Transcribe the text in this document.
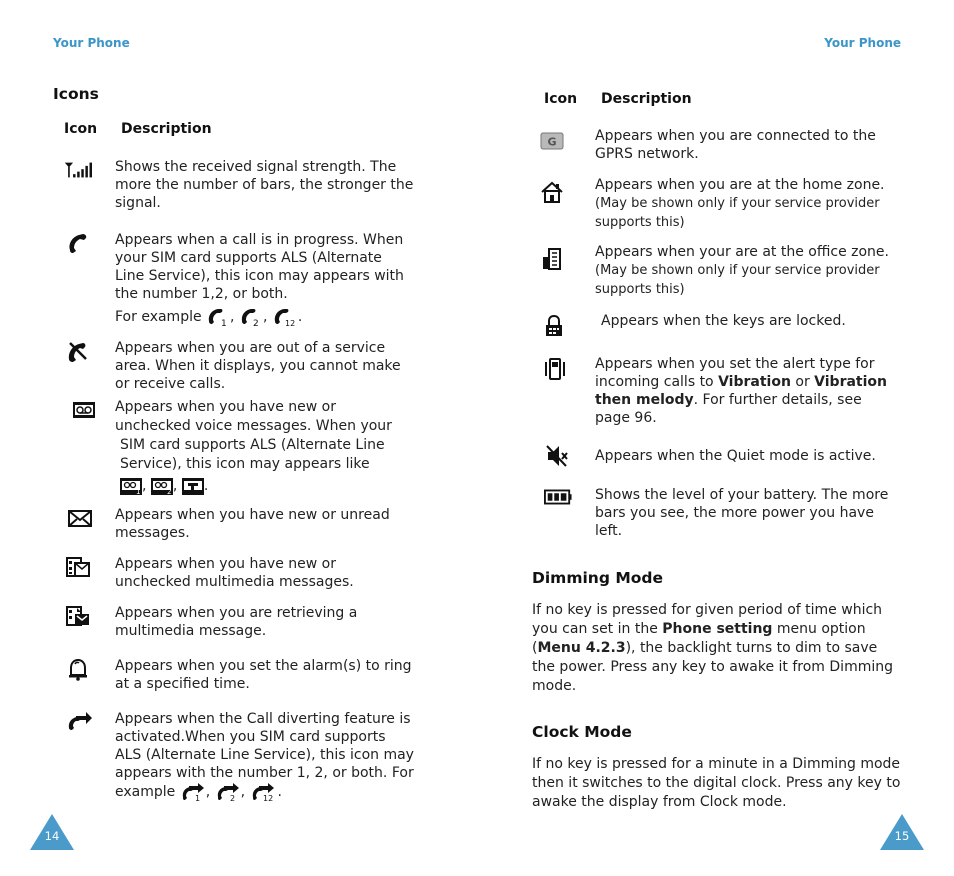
Your Phone
Icons
Icon Description
Shows the received signal strength. The more the number of bars, the stronger the signal.
Appears when a call is in progress. When your SIM card supports ALS (Alternate Line Service), this icon may appears with the number 1,2, or both.
For example 1 , 2 , 12 .
Appears when you are out of a service area. When it displays, you cannot make or receive calls.
Appears when you have new or unchecked voice messages. When your
SIM card supports ALS (Alternate Line Service), this icon may appears like
1 ,	2 , .
Appears when you have new or unread messages.
Appears when you have new or unchecked multimedia messages.
Appears when you are retrieving a multimedia message.
Appears when you set the alarm(s) to ring at a specified time.
Appears when the Call diverting feature is activated.When you SIM card supports ALS (Alternate Line Service), this icon may appears with the number 1, 2, or both. For example 1 , 2 , 12 .
14
Your Phone
Icon Description
G	Appears when you are connected to the GPRS network.
Appears when you are at the home zone.
(May be shown only if your service provider supports this)
Appears when your are at the office zone.
(May be shown only if your service provider supports this)
Appears when the keys are locked.
Appears when you set the alert type for incoming calls to Vibration or Vibration then melody. For further details, see page 96.
Appears when the Quiet mode is active.
Shows the level of your battery. The more bars you see, the more power you have left.
Dimming Mode

If no key is pressed for given period of time which you can set in the Phone setting menu option (Menu 4.2.3), the backlight turns to dim to save the power. Press any key to awake it from Dimming mode.

Clock Mode

If no key is pressed for a minute in a Dimming mode then it switches to the digital clock. Press any key to awake the display from Clock mode.

15
